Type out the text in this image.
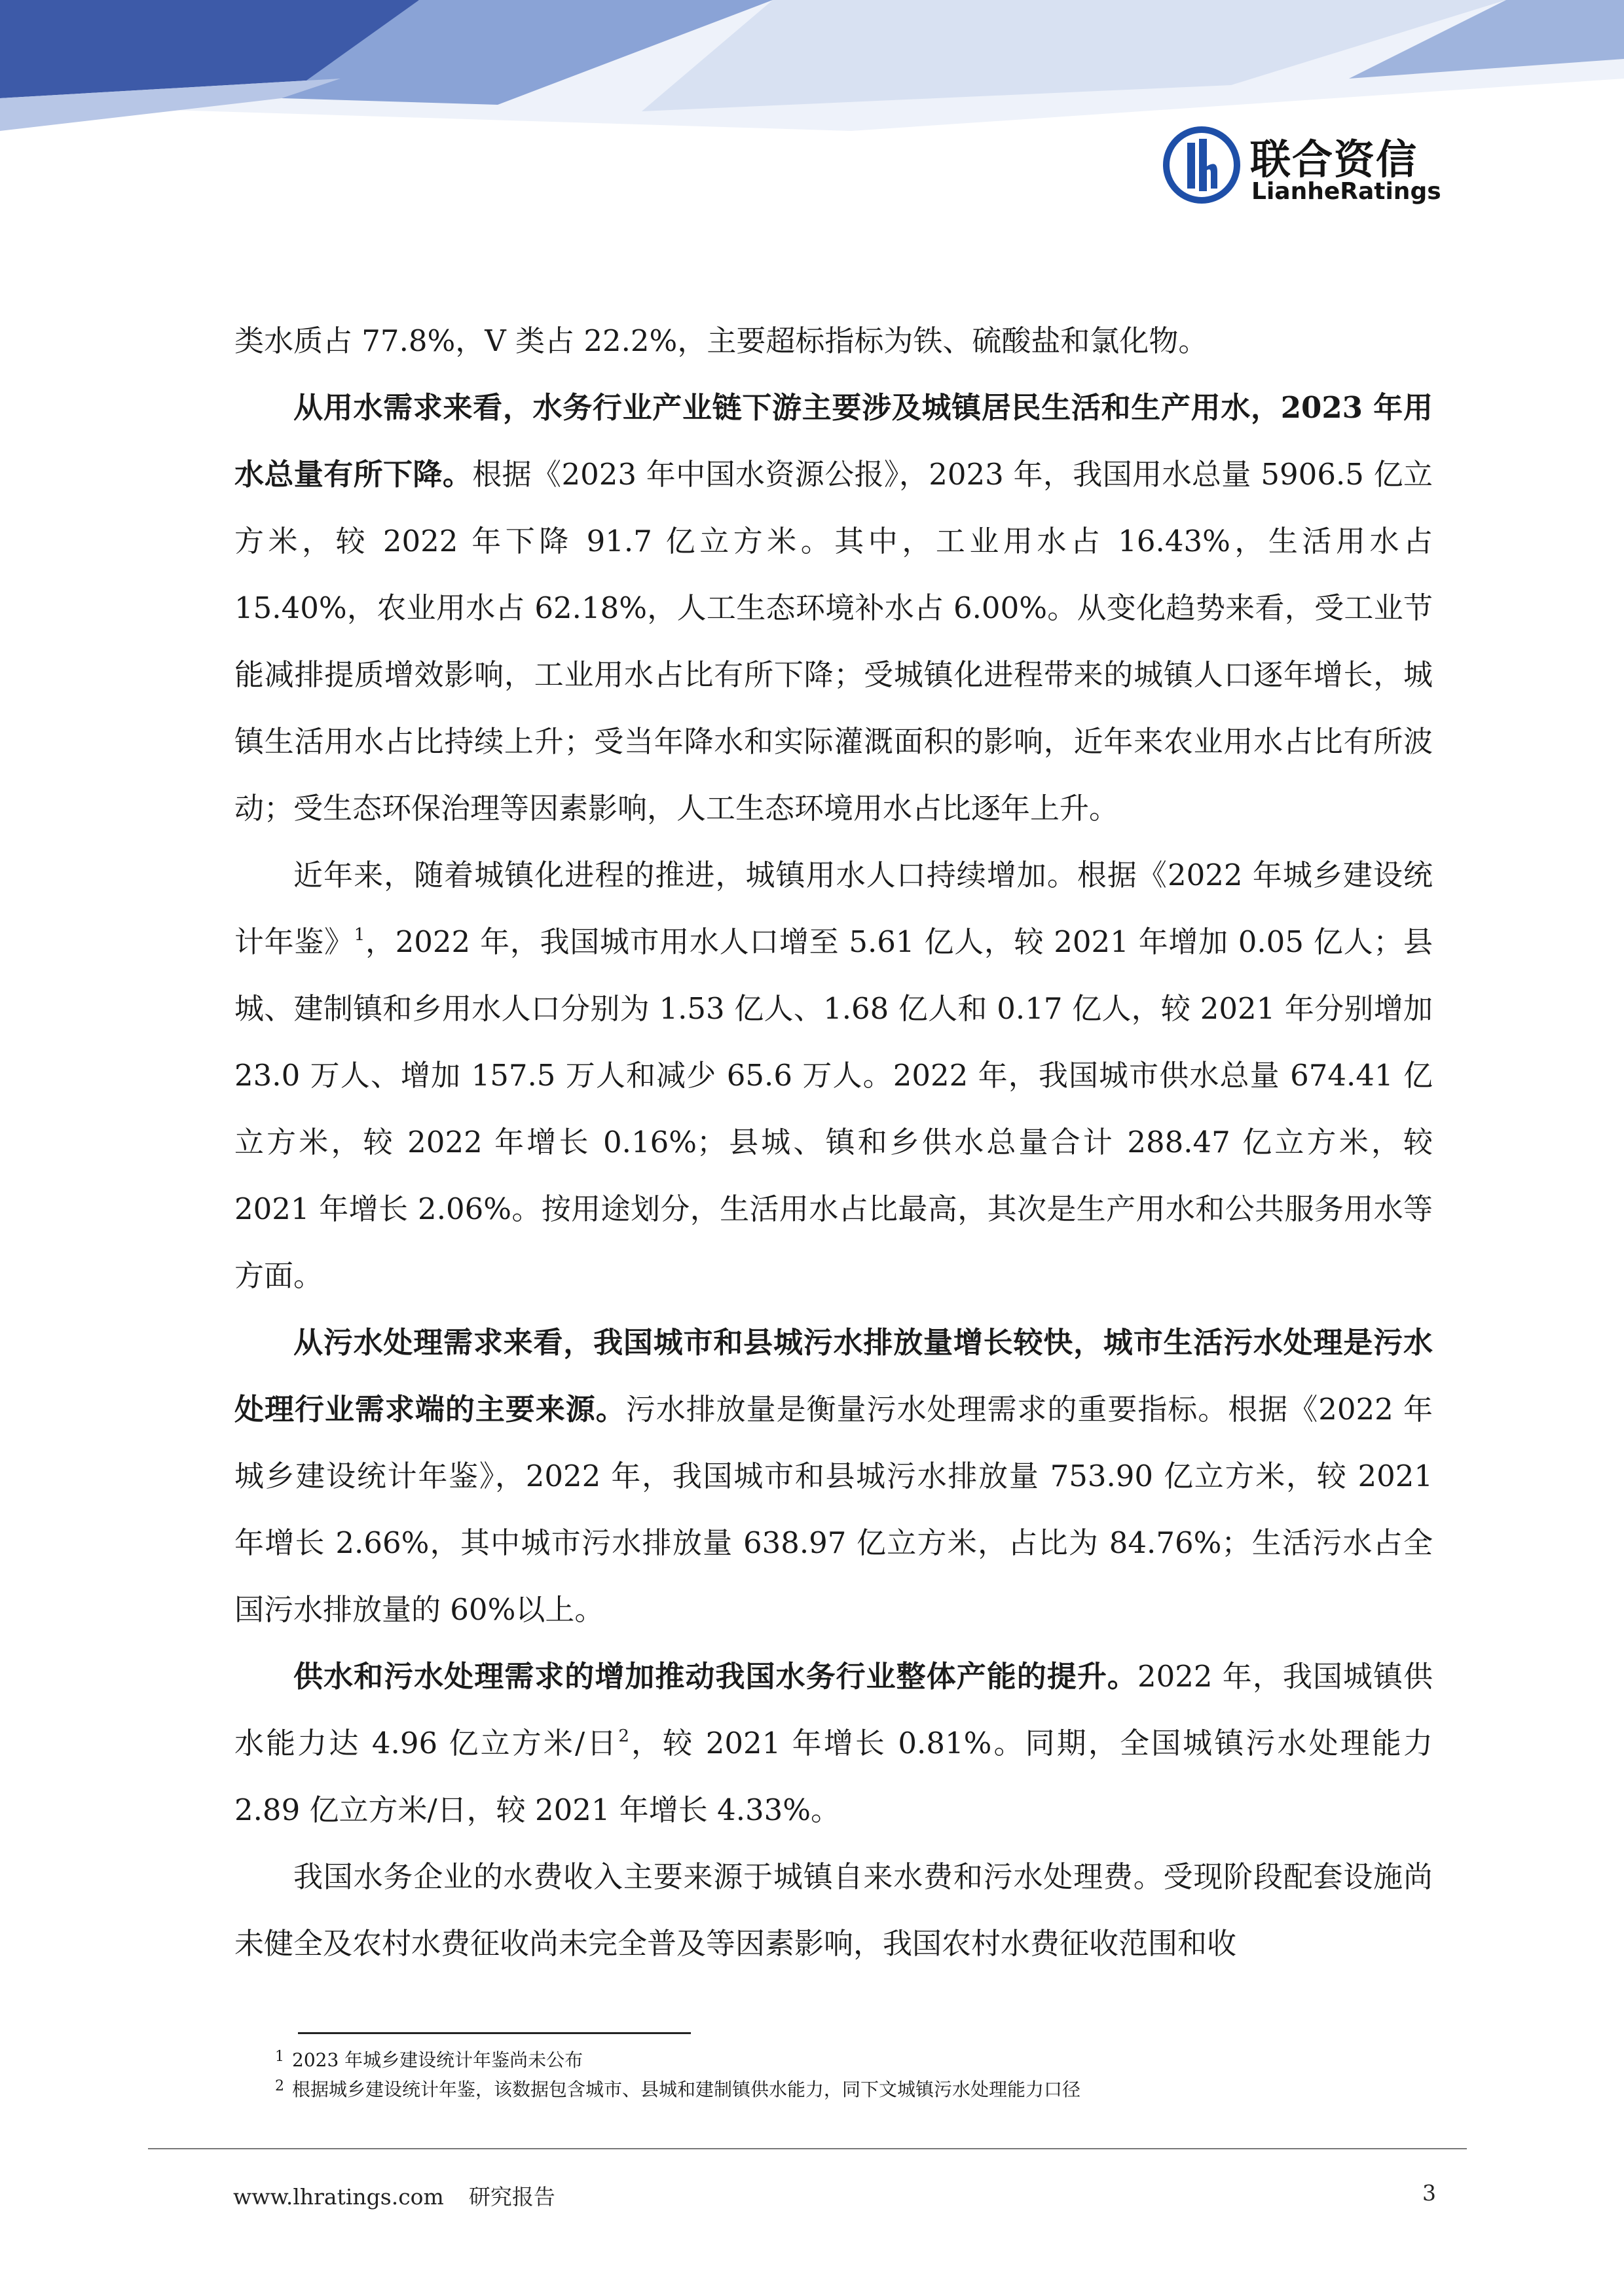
联合资信
LianheRatings

类水质占 77.8%，V 类占 22.2%，主要超标指标为铁、硫酸盐和氯化物。

从用水需求来看，水务行业产业链下游主要涉及城镇居民生活和生产用水，2023 年用水总量有所下降。根据《2023 年中国水资源公报》，2023 年，我国用水总量 5906.5 亿立方米，较 2022 年下降 91.7 亿立方米。其中，工业用水占 16.43%，生活用水占 15.40%，农业用水占 62.18%，人工生态环境补水占 6.00%。从变化趋势来看，受工业节能减排提质增效影响，工业用水占比有所下降；受城镇化进程带来的城镇人口逐年增长，城镇生活用水占比持续上升；受当年降水和实际灌溉面积的影响，近年来农业用水占比有所波动；受生态环保治理等因素影响，人工生态环境用水占比逐年上升。

近年来，随着城镇化进程的推进，城镇用水人口持续增加。根据《2022 年城乡建设统计年鉴》$^1$，2022 年，我国城市用水人口增至 5.61 亿人，较 2021 年增加 0.05 亿人；县城、建制镇和乡用水人口分别为 1.53 亿人、1.68 亿人和 0.17 亿人，较 2021 年分别增加 23.0 万人、增加 157.5 万人和减少 65.6 万人。2022 年，我国城市供水总量 674.41 亿立方米，较 2022 年增长 0.16%；县城、镇和乡供水总量合计 288.47 亿立方米，较 2021 年增长 2.06%。按用途划分，生活用水占比最高，其次是生产用水和公共服务用水等方面。

从污水处理需求来看，我国城市和县城污水排放量增长较快，城市生活污水处理是污水处理行业需求端的主要来源。污水排放量是衡量污水处理需求的重要指标。根据《2022 年城乡建设统计年鉴》，2022 年，我国城市和县城污水排放量 753.90 亿立方米，较 2021 年增长 2.66%，其中城市污水排放量 638.97 亿立方米，占比为 84.76%；生活污水占全国污水排放量的 60%以上。

供水和污水处理需求的增加推动我国水务行业整体产能的提升。2022 年，我国城镇供水能力达 4.96 亿立方米/日$^2$，较 2021 年增长 0.81%。同期，全国城镇污水处理能力 2.89 亿立方米/日，较 2021 年增长 4.33%。

我国水务企业的水费收入主要来源于城镇自来水费和污水处理费。受现阶段配套设施尚未健全及农村水费征收尚未完全普及等因素影响，我国农村水费征收范围和收

1 2023 年城乡建设统计年鉴尚未公布
2 根据城乡建设统计年鉴，该数据包含城市、县城和建制镇供水能力，同下文城镇污水处理能力口径
www.lhratings.com 研究报告	3
